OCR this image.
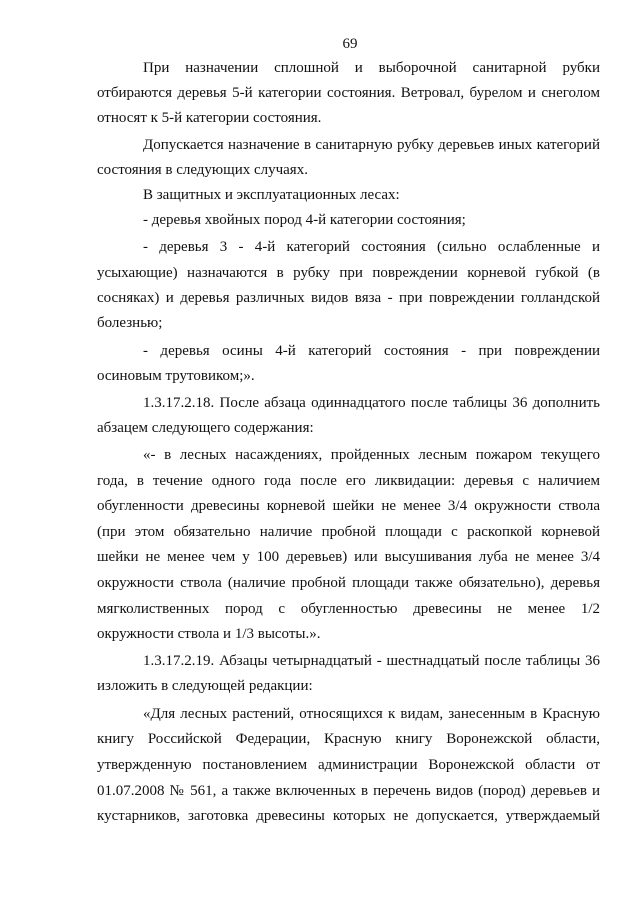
69
При назначении сплошной и выборочной санитарной рубки
отбираются деревья 5-й категории состояния. Ветровал, бурелом и снеголом
относят к 5-й категории состояния.
Допускается назначение в санитарную рубку деревьев иных категорий
состояния в следующих случаях.
В защитных и эксплуатационных лесах:
- деревья хвойных пород 4-й категории состояния;
- деревья 3 - 4-й категорий состояния (сильно ослабленные и
усыхающие) назначаются в рубку при повреждении корневой губкой (в
сосняках) и деревья различных видов вяза - при повреждении голландской
болезнью;
- деревья осины 4-й категорий состояния - при повреждении
осиновым трутовиком;».
1.3.17.2.18. После абзаца одиннадцатого после таблицы 36 дополнить
абзацем следующего содержания:
«- в лесных насаждениях, пройденных лесным пожаром текущего
года, в течение одного года после его ликвидации: деревья с наличием
обугленности древесины корневой шейки не менее 3/4 окружности ствола
(при этом обязательно наличие пробной площади с раскопкой корневой
шейки не менее чем у 100 деревьев) или высушивания луба не менее 3/4
окружности ствола (наличие пробной площади также обязательно), деревья
мягколиственных пород с обугленностью древесины не менее 1/2
окружности ствола и 1/3 высоты.».
1.3.17.2.19. Абзацы четырнадцатый - шестнадцатый после таблицы 36
изложить в следующей редакции:
«Для лесных растений, относящихся к видам, занесенным в Красную
книгу Российской Федерации, Красную книгу Воронежской области,
утвержденную постановлением администрации Воронежской области от
01.07.2008 № 561, а также включенных в перечень видов (пород) деревьев и
кустарников, заготовка древесины которых не допускается, утверждаемый
